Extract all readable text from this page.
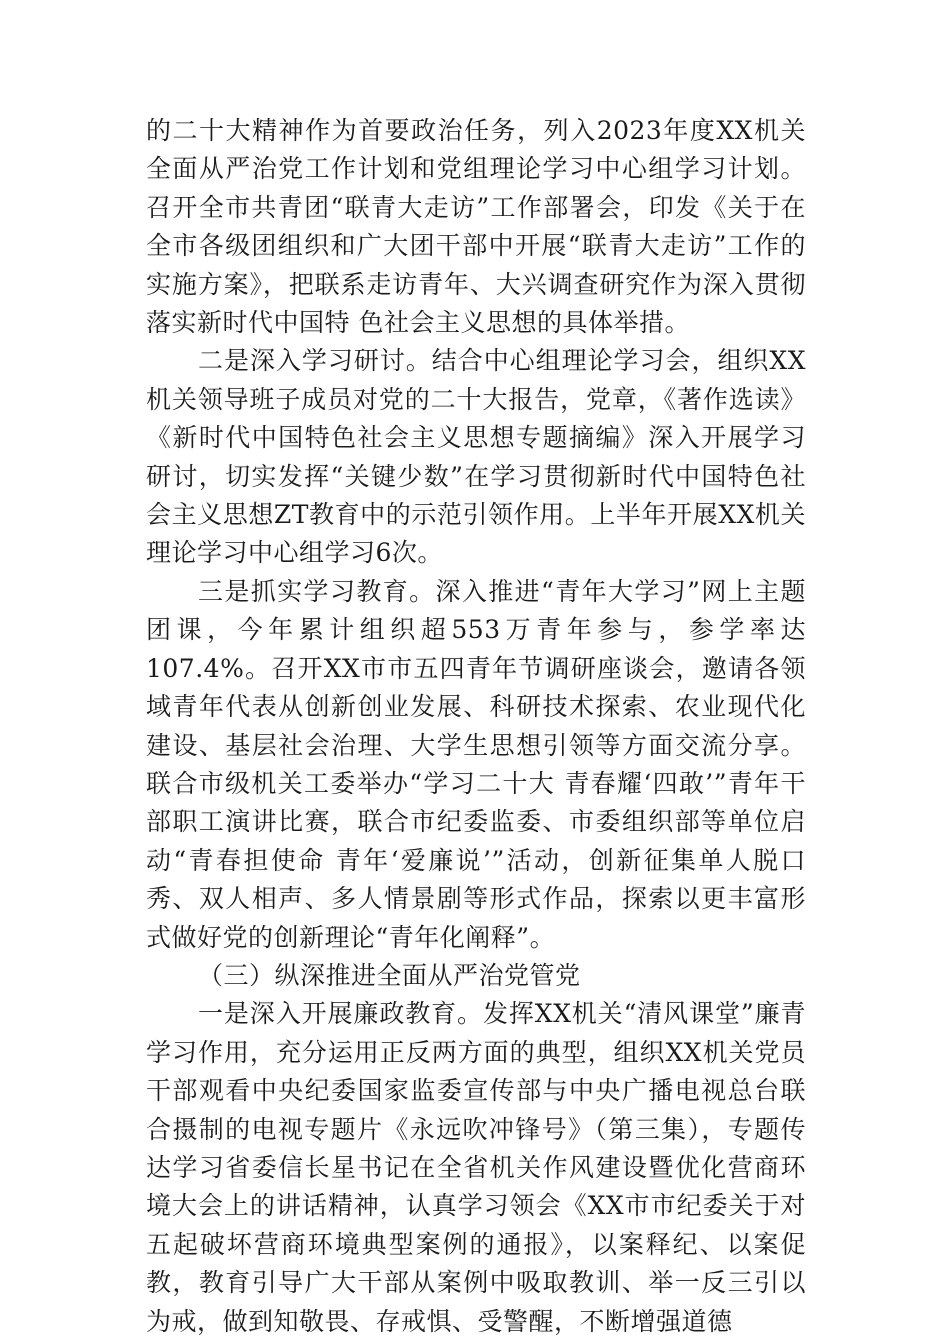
的二十大精神作为首要政治任务，列入2023年度XX机关全面从严治党工作计划和党组理论学习中心组学习计划。召开全市共青团“联青大走访”工作部署会，印发《关于在全市各级团组织和广大团干部中开展“联青大走访”工作的实施方案》，把联系走访青年、大兴调查研究作为深入贯彻落实新时代中国特 色社会主义思想的具体举措。

二是深入学习研讨。结合中心组理论学习会，组织XX机关领导班子成员对党的二十大报告，党章，《著作选读》《新时代中国特色社会主义思想专题摘编》深入开展学习研讨，切实发挥“关键少数”在学习贯彻新时代中国特色社会主义思想ZT教育中的示范引领作用。上半年开展XX机关理论学习中心组学习6次。

三是抓实学习教育。深入推进“青年大学习”网上主题团课，今年累计组织超553万青年参与，参学率达107.4%。召开XX市市五四青年节调研座谈会，邀请各领域青年代表从创新创业发展、科研技术探索、农业现代化建设、基层社会治理、大学生思想引领等方面交流分享。联合市级机关工委举办“学习二十大 青春耀‘四敢’”青年干部职工演讲比赛，联合市纪委监委、市委组织部等单位启动“青春担使命 青年‘爱廉说’”活动，创新征集单人脱口秀、双人相声、多人情景剧等形式作品，探索以更丰富形式做好党的创新理论“青年化阐释”。

（三）纵深推进全面从严治党管党

一是深入开展廉政教育。发挥XX机关“清风课堂”廉青学习作用，充分运用正反两方面的典型，组织XX机关党员干部观看中央纪委国家监委宣传部与中央广播电视总台联合摄制的电视专题片《永远吹冲锋号》（第三集），专题传达学习省委信长星书记在全省机关作风建设暨优化营商环境大会上的讲话精神，认真学习领会《XX市市纪委关于对五起破坏营商环境典型案例的通报》，以案释纪、以案促教，教育引导广大干部从案例中吸取教训、举一反三引以为戒，做到知敬畏、存戒惧、受警醒，不断增强道德
